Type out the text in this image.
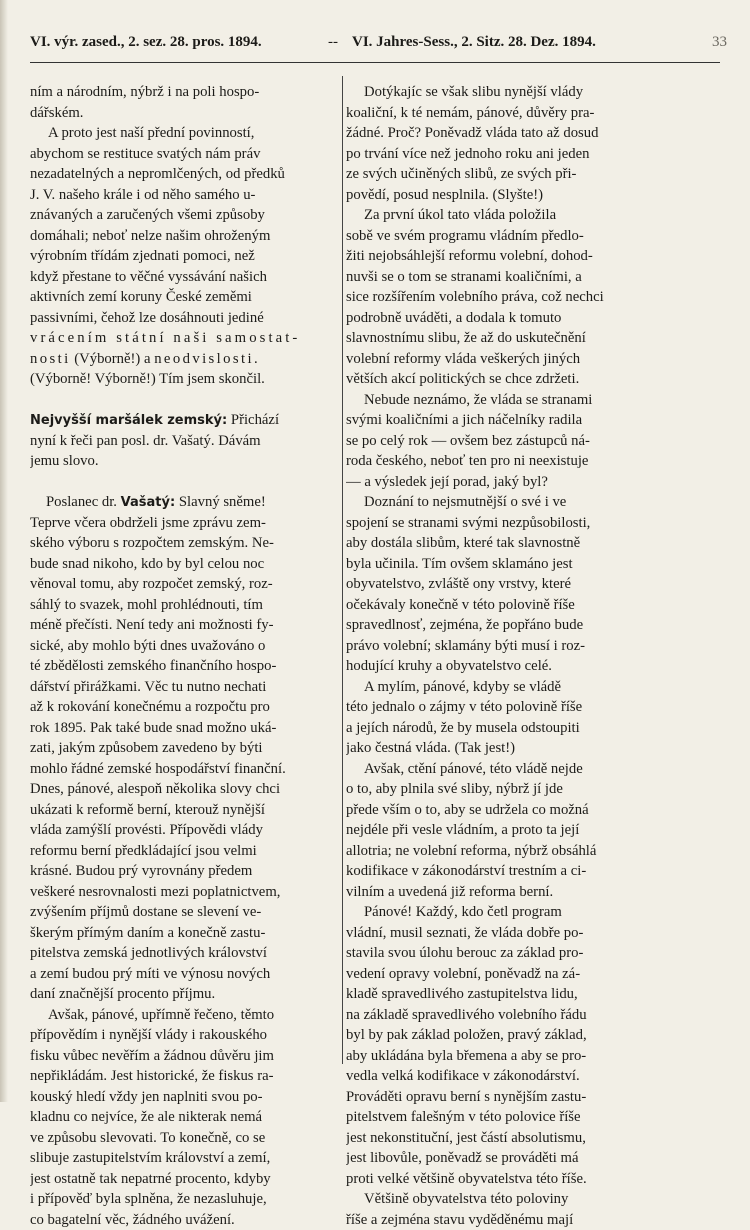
VI. výr. zased., 2. sez. 28. pros. 1894.	-- VI. Jahres-Sess., 2. Sitz. 28. Dez. 1894.	33
ním a národním, nýbrž i na poli hospo-
dářském.
A proto jest naší přední povinností,
abychom se restituce svatých nám práv
nezadatelných a nepromlčených, od předků
J. V. našeho krále i od něho samého u-
znávaných a zaručených všemi způsoby
domáhali; neboť nelze našim ohroženým
výrobním třídám zjednati pomoci, než
když přestane to věčné vyssávání našich
aktivních zemí koruny České zeměmi
passivními, čehož lze dosáhnouti jediné
vrácením státní naši samostat-
nosti (Výborně!) a neodvislosti.
(Výborně! Výborně!) Tím jsem skončil.
Nejvyšší maršálek zemský: Přichází
nyní k řeči pan posl. dr. Vašatý. Dávám
jemu slovo.
Poslanec dr. Vašatý: Slavný sněme!
Teprve včera obdrželi jsme zprávu zem-
ského výboru s rozpočtem zemským. Ne-
bude snad nikoho, kdo by byl celou noc
věnoval tomu, aby rozpočet zemský, roz-
sáhlý to svazek, mohl prohlédnouti, tím
méně přečísti. Není tedy ani možnosti fy-
sické, aby mohlo býti dnes uvažováno o
té zbědělosti zemského finančního hospo-
dářství přirážkami. Věc tu nutno nechati
až k rokování konečnému a rozpočtu pro
rok 1895. Pak také bude snad možno uká-
zati, jakým způsobem zavedeno by býti
mohlo řádné zemské hospodářství finanční.
Dnes, pánové, alespoň několika slovy chci
ukázati k reformě berní, kterouž nynější
vláda zamýšlí provésti. Přípovědi vlády
reformu berní předkládající jsou velmi
krásné. Budou prý vyrovnány předem
veškeré nesrovnalosti mezi poplatnictvem,
zvýšením příjmů dostane se slevení ve-
škerým přímým daním a konečně zastu-
pitelstva zemská jednotlivých království
a zemí budou prý míti ve výnosu nových
daní značnější procento příjmu.
Avšak, pánové, upřímně řečeno, těmto
přípovědím i nynější vlády i rakouského
fisku vůbec nevěřím a žádnou důvěru jim
nepřikládám. Jest historické, že fiskus ra-
kouský hledí vždy jen naplniti svou po-
kladnu co nejvíce, že ale nikterak nemá
ve způsobu slevovati. To konečně, co se
slibuje zastupitelstvím království a zemí,
jest ostatně tak nepatrné procento, kdyby
i přípověď byla splněna, že nezasluhuje,
co bagatelní věc, žádného uvážení.
Dotýkajíc se však slibu nynější vlády
koaliční, k té nemám, pánové, důvěry pra-
žádné. Proč? Poněvadž vláda tato až dosud
po trvání více než jednoho roku ani jeden
ze svých učiněných slibů, ze svých při-
povědí, posud nesplnila. (Slyšte!)
Za první úkol tato vláda položila
sobě ve svém programu vládním předlo-
žiti nejobsáhlejší reformu volební, dohod-
nuvši se o tom se stranami koaličními, a
sice rozšířením volebního práva, což nechci
podrobně uváděti, a dodala k tomuto
slavnostnímu slibu, že až do uskutečnění
volební reformy vláda veškerých jiných
větších akcí politických se chce zdržeti.
Nebude neznámo, že vláda se stranami
svými koaličními a jich náčelníky radila
se po celý rok — ovšem bez zástupců ná-
roda českého, neboť ten pro ni neexistuje
— a výsledek její porad, jaký byl?
Doznání to nejsmutnější o své i ve
spojení se stranami svými nezpůsobilosti,
aby dostála slibům, které tak slavnostně
byla učinila. Tím ovšem sklamáno jest
obyvatelstvo, zvláště ony vrstvy, které
očekávaly konečně v této polovině říše
spravedlnosť, zejména, že popřáno bude
právo volební; sklamány býti musí i roz-
hodující kruhy a obyvatelstvo celé.
A mylím, pánové, kdyby se vládě
této jednalo o zájmy v této polovině říše
a jejích národů, že by musela odstoupiti
jako čestná vláda. (Tak jest!)
Avšak, ctění pánové, této vládě nejde
o to, aby plnila své sliby, nýbrž jí jde
přede vším o to, aby se udržela co možná
nejdéle při vesle vládním, a proto ta její
allotria; ne volební reforma, nýbrž obsáhlá
kodifikace v zákonodárství trestním a ci-
vilním a uvedená již reforma berní.
Pánové! Každý, kdo četl program
vládní, musil seznati, že vláda dobře po-
stavila svou úlohu berouc za základ pro-
vedení opravy volební, poněvadž na zá-
kladě spravedlivého zastupitelstva lidu,
na základě spravedlivého volebního řádu
byl by pak základ položen, pravý základ,
aby ukládána byla břemena a aby se pro-
vedla velká kodifikace v zákonodárství.
Prováděti opravu berní s nynějším zastu-
pitelstvem falešným v této polovice říše
jest nekonstituční, jest částí absolutismu,
jest libovůle, poněvadž se prováděti má
proti velké většině obyvatelstva této říše.
Většině obyvatelstva této poloviny
říše a zejména stavu vyděděnému mají
